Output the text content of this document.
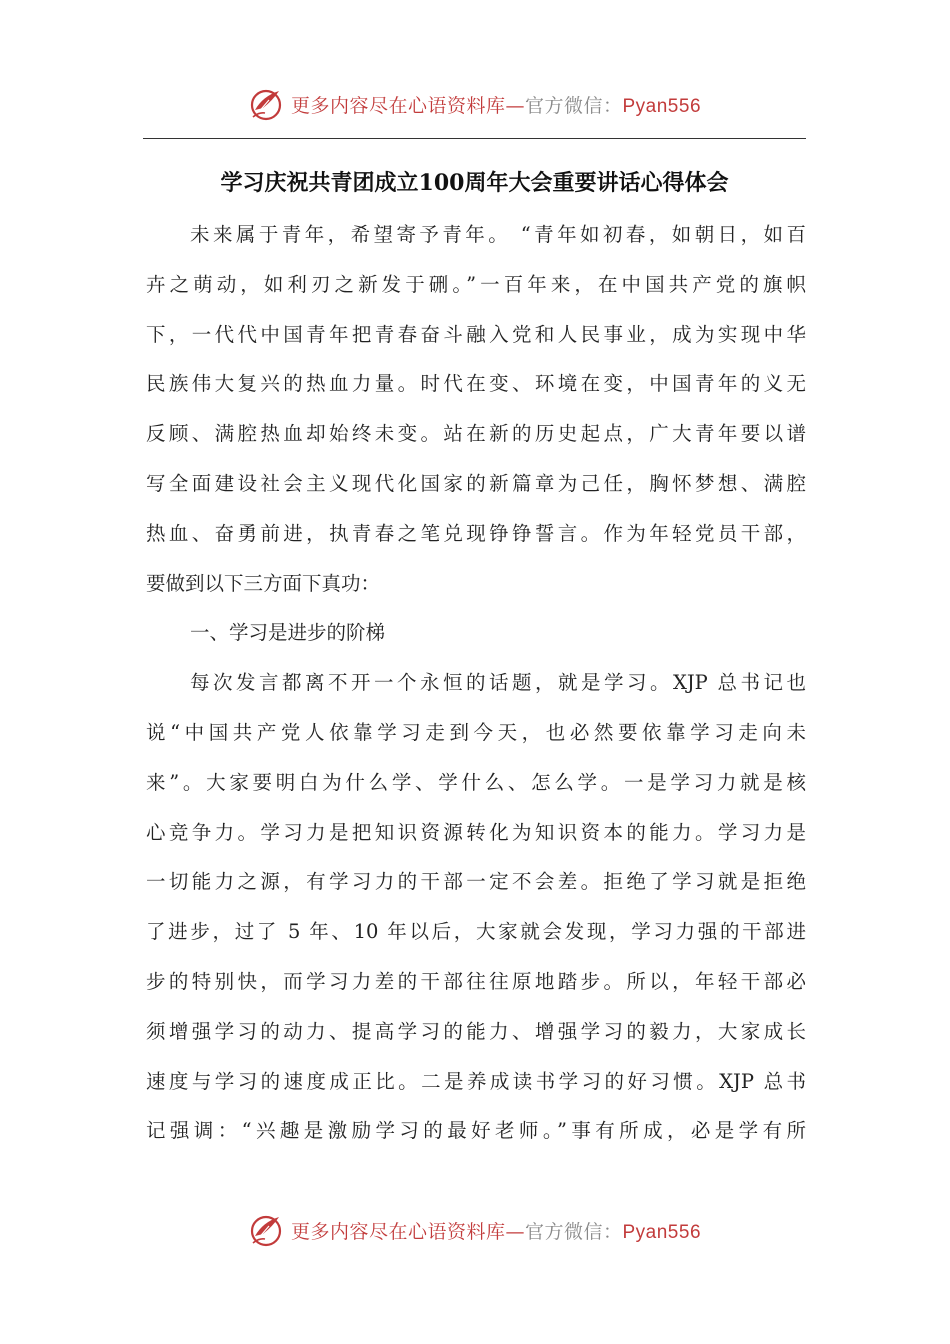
更多内容尽在心语资料库—官方微信：Pyan556
学习庆祝共青团成立100周年大会重要讲话心得体会
未来属于青年，希望寄予青年。 “青年如初春，如朝日，如百
卉之萌动，如利刃之新发于硎。”一百年来，在中国共产党的旗帜
下，一代代中国青年把青春奋斗融入党和人民事业，成为实现中华
民族伟大复兴的热血力量。时代在变、环境在变，中国青年的义无
反顾、满腔热血却始终未变。站在新的历史起点，广大青年要以谱
写全面建设社会主义现代化国家的新篇章为己任，胸怀梦想、满腔
热血、奋勇前进，执青春之笔兑现铮铮誓言。作为年轻党员干部，
要做到以下三方面下真功：
一、学习是进步的阶梯
每次发言都离不开一个永恒的话题，就是学习。XJP 总书记也
说“中国共产党人依靠学习走到今天，也必然要依靠学习走向未
来”。大家要明白为什么学、学什么、怎么学。一是学习力就是核
心竞争力。学习力是把知识资源转化为知识资本的能力。学习力是
一切能力之源，有学习力的干部一定不会差。拒绝了学习就是拒绝
了进步，过了 5 年、10 年以后，大家就会发现，学习力强的干部进
步的特别快，而学习力差的干部往往原地踏步。所以，年轻干部必
须增强学习的动力、提高学习的能力、增强学习的毅力，大家成长
速度与学习的速度成正比。二是养成读书学习的好习惯。XJP 总书
记强调：“兴趣是激励学习的最好老师。”事有所成，必是学有所
更多内容尽在心语资料库—官方微信：Pyan556
